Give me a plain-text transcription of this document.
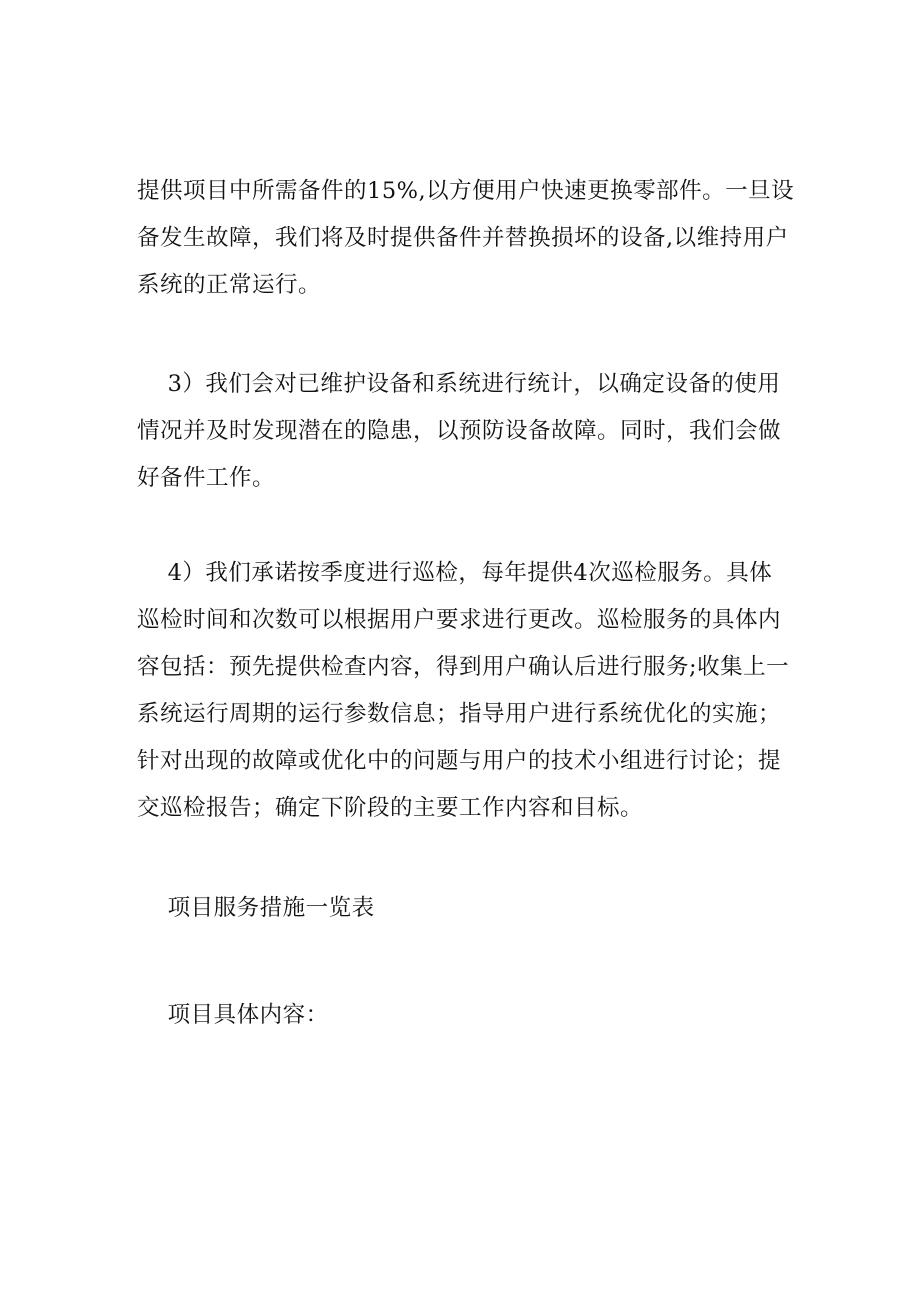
提供项目中所需备件的15%,以方便用户快速更换零部件。一旦设
备发生故障，我们将及时提供备件并替换损坏的设备,以维持用户
系统的正常运行。

3）我们会对已维护设备和系统进行统计，以确定设备的使用
情况并及时发现潜在的隐患，以预防设备故障。同时，我们会做
好备件工作。

4）我们承诺按季度进行巡检，每年提供4次巡检服务。具体
巡检时间和次数可以根据用户要求进行更改。巡检服务的具体内
容包括：预先提供检查内容，得到用户确认后进行服务;收集上一
系统运行周期的运行参数信息；指导用户进行系统优化的实施；
针对出现的故障或优化中的问题与用户的技术小组进行讨论；提
交巡检报告；确定下阶段的主要工作内容和目标。

项目服务措施一览表

项目具体内容：
